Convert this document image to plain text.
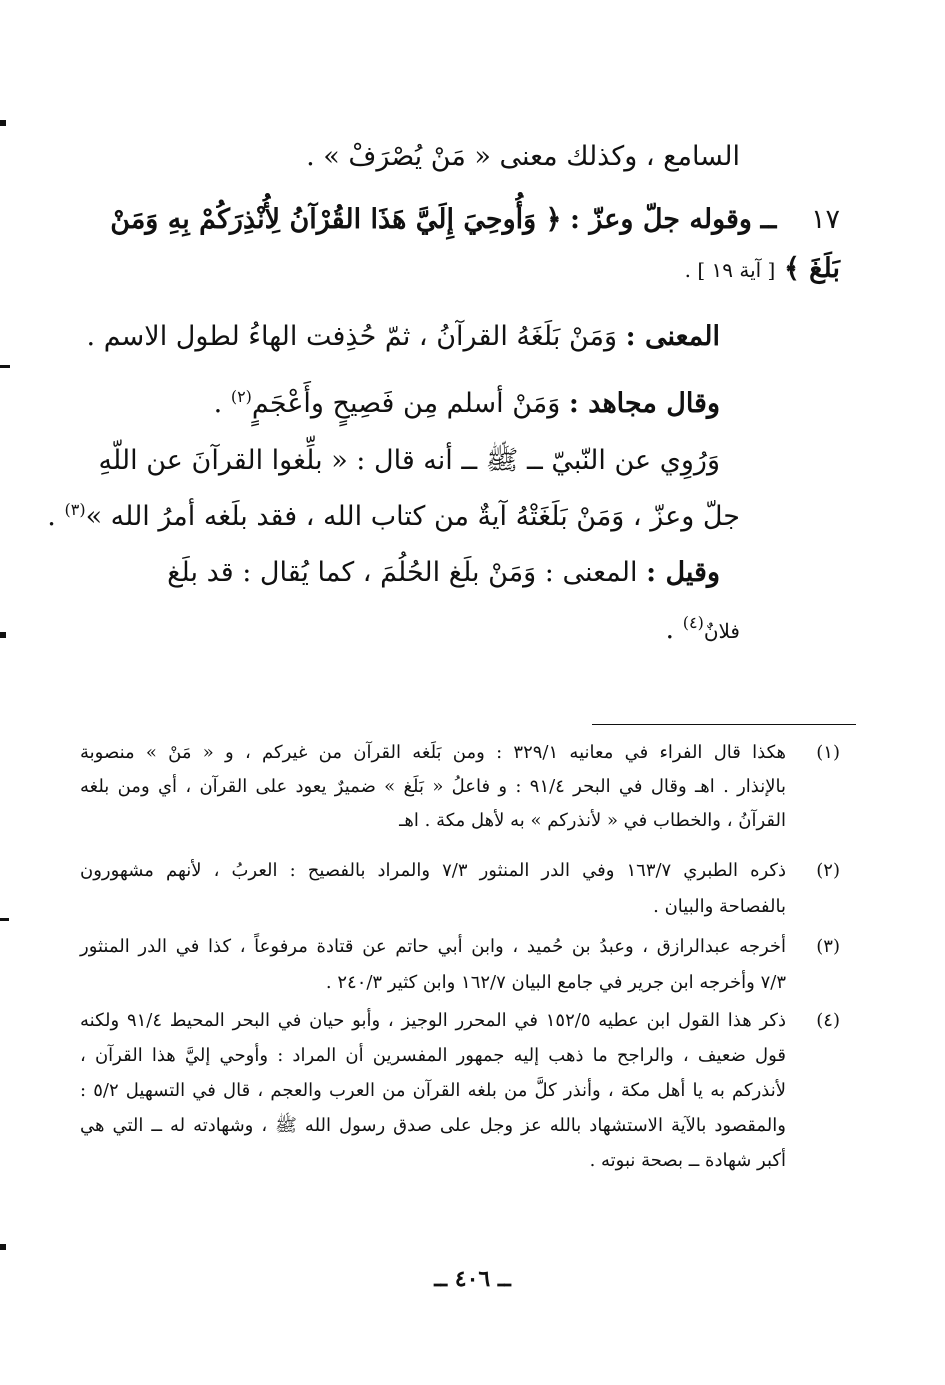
السامع ، وكذلك معنى « مَنْ يُصْرَفْ » .
١٧ ــ وقوله جلّ وعزّ : ﴿ وَأُوحِيَ إِلَيَّ هَذَا القُرْآنُ لِأُنْذِرَكُمْ بِهِ وَمَنْ
بَلَغَ ﴾ [ آية ١٩ ] .
المعنى : وَمَنْ بَلَغَهُ القرآنُ ، ثمّ حُذِفت الهاءُ لطول الاسم .
وقال مجاهد : وَمَنْ أسلم مِن فَصِيحٍ وأَعْجَمٍ$^{(٢)}$ .
وَرُوِي عن النّبيّ ــ ﷺ ــ أنه قال : « بلِّغوا القرآنَ عن اللّهِ
جلّ وعزّ ، وَمَنْ بَلَغَتْهُ آيةٌ من كتاب الله ، فقد بلَغه أمرُ الله »$^{(٣)}$ .
وقيل : المعنى : وَمَنْ بلَغ الحُلُمَ ، كما يُقال : قد بلَغ
فلانٌ$^{(٤)}$ .
(١)
هكذا قال الفراء في معانيه ٣٢٩/١ : ومن بَلَغه القرآن من غيركم ، و « مَنْ » منصوبة
بالإنذار . اهـ وقال في البحر ٩١/٤ : و فاعلُ « بَلَغ » ضميرٌ يعود على القرآن ، أي ومن بلغه
القرآنُ ، والخطاب في « لأنذركم » به لأهل مكة . اهـ
(٢)
ذكره الطبري ١٦٣/٧ وفي الدر المنثور ٧/٣ والمراد بالفصيح : العربُ ، لأنهم مشهورون
بالفصاحة والبيان .
(٣)
أخرجه عبدالرازق ، وعبدُ بن حُميد ، وابن أبي حاتم عن قتادة مرفوعاً ، كذا في الدر المنثور
٧/٣ وأخرجه ابن جرير في جامع البيان ١٦٢/٧ وابن كثير ٢٤٠/٣ .
(٤)
ذكر هذا القول ابن عطيه ١٥٢/٥ في المحرر الوجيز ، وأبو حيان في البحر المحيط ٩١/٤ ولكنه
قول ضعيف ، والراجح ما ذهب إليه جمهور المفسرين أن المراد : وأوحي إليَّ هذا القرآن ،
لأنذركم به يا أهل مكة ، وأنذر كلَّ من بلغه القرآن من العرب والعجم ، قال في التسهيل ٥/٢ :
والمقصود بالآية الاستشهاد بالله عز وجل على صدق رسول الله ﷺ ، وشهادته له ــ التي هي
أكبر شهادة ــ بصحة نبوته .
ــ ٤٠٦ ــ
